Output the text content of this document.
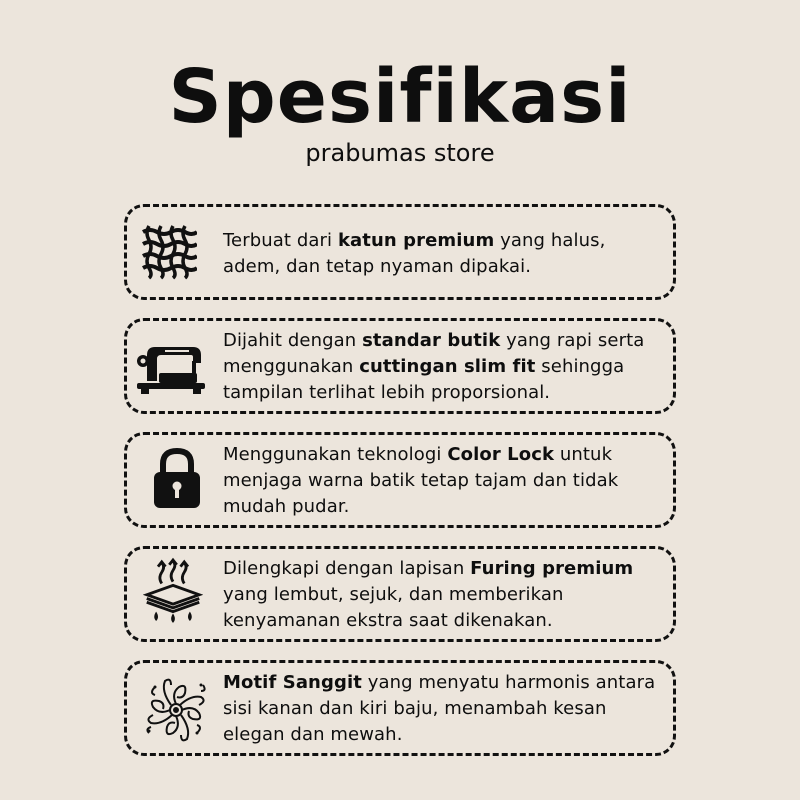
Spesifikasi
prabumas store
Terbuat dari katun premium yang halus, adem, dan tetap nyaman dipakai.
Dijahit dengan standar butik yang rapi serta menggunakan cuttingan slim fit sehingga tampilan terlihat lebih proporsional.
Menggunakan teknologi Color Lock untuk menjaga warna batik tetap tajam dan tidak mudah pudar.
Dilengkapi dengan lapisan Furing premium yang lembut, sejuk, dan memberikan kenyamanan ekstra saat dikenakan.
Motif Sanggit yang menyatu harmonis antara sisi kanan dan kiri baju, menambah kesan elegan dan mewah.
